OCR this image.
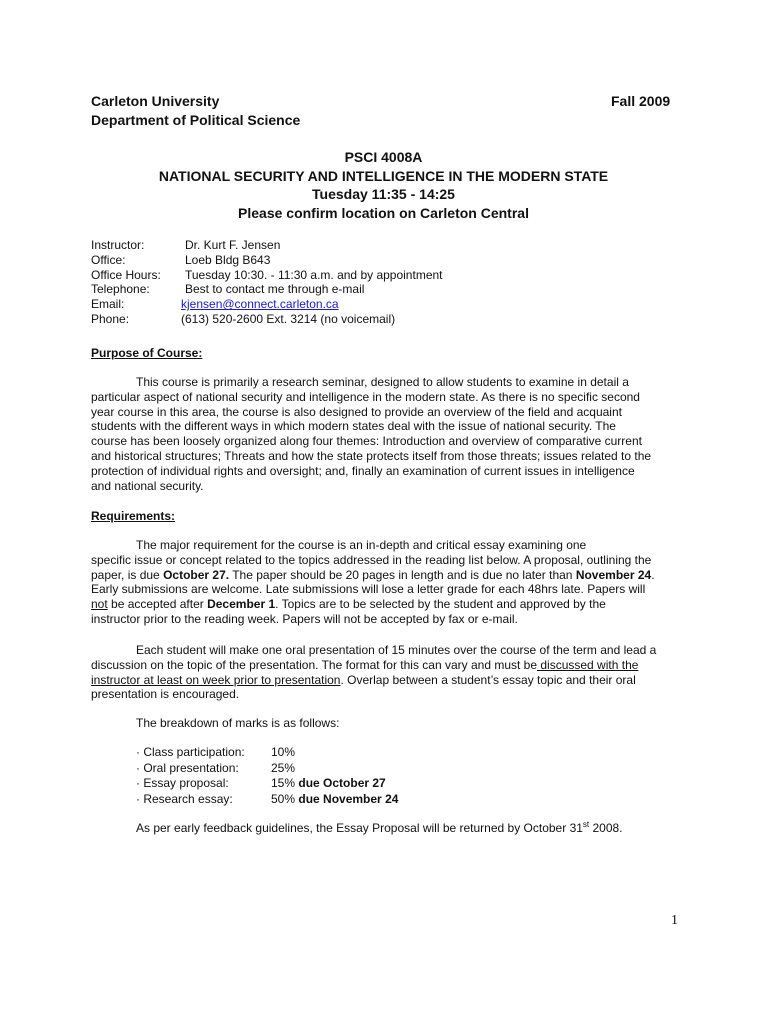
Carleton University	Fall 2009
Department of Political Science
PSCI 4008A
NATIONAL SECURITY AND INTELLIGENCE IN THE MODERN STATE
Tuesday 11:35 - 14:25
Please confirm location on Carleton Central
Instructor:	Dr. Kurt F. Jensen
Office:	Loeb Bldg B643
Office Hours: Tuesday 10:30. - 11:30 a.m. and by appointment
Telephone:	Best to contact me through e-mail
Email:	kjensen@connect.carleton.ca
Phone:	(613) 520-2600 Ext. 3214 (no voicemail)
Purpose of Course:
This course is primarily a research seminar, designed to allow students to examine in detail a
particular aspect of national security and intelligence in the modern state. As there is no specific second
year course in this area, the course is also designed to provide an overview of the field and acquaint
students with the different ways in which modern states deal with the issue of national security. The
course has been loosely organized along four themes: Introduction and overview of comparative current
and historical structures; Threats and how the state protects itself from those threats; issues related to the
protection of individual rights and oversight; and, finally an examination of current issues in intelligence
and national security.
Requirements:
The major requirement for the course is an in-depth and critical essay examining one
specific issue or concept related to the topics addressed in the reading list below. A proposal, outlining the
paper, is due October 27. The paper should be 20 pages in length and is due no later than November 24.
Early submissions are welcome. Late submissions will lose a letter grade for each 48hrs late. Papers will
not be accepted after December 1. Topics are to be selected by the student and approved by the
instructor prior to the reading week. Papers will not be accepted by fax or e-mail.
Each student will make one oral presentation of 15 minutes over the course of the term and lead a
discussion on the topic of the presentation. The format for this can vary and must be discussed with the
instructor at least on week prior to presentation. Overlap between a student’s essay topic and their oral
presentation is encouraged.
The breakdown of marks is as follows:
· Class participation: 10%
· Oral presentation:	25%
· Essay proposal:	15% due October 27
· Research essay:	50% due November 24
As per early feedback guidelines, the Essay Proposal will be returned by October 31st 2008.
1
